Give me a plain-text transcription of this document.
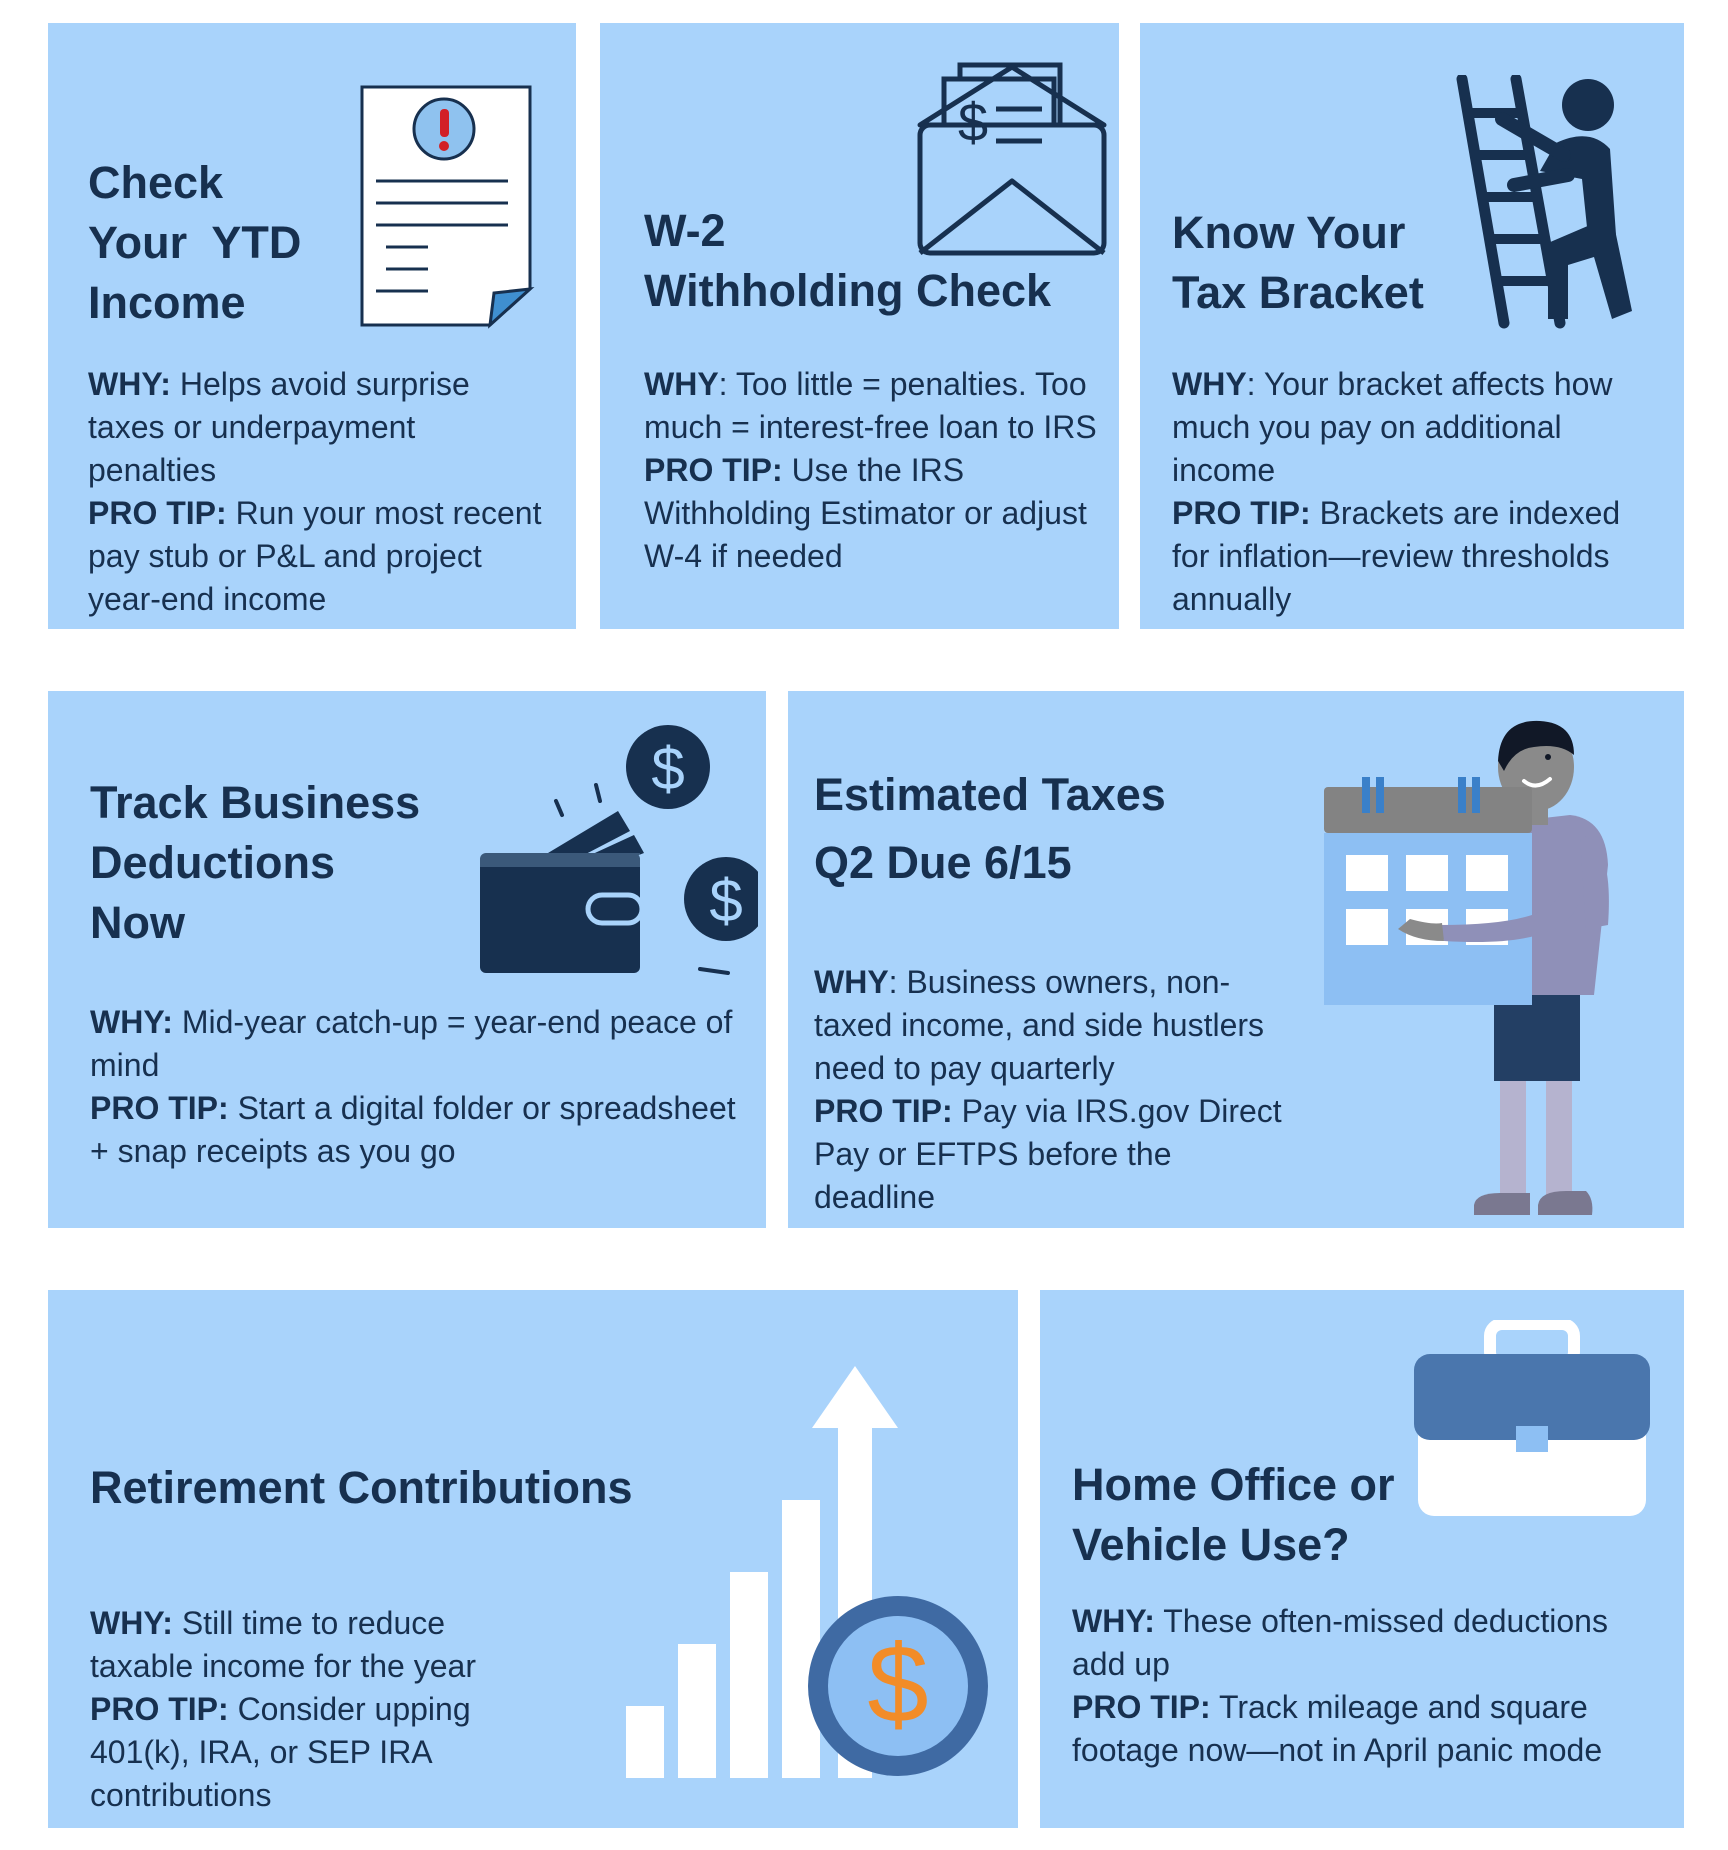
Check
Your  YTD
Income

WHY: Helps avoid surprise taxes or underpayment penalties

PRO TIP: Run your most recent pay stub or P&L and project year-end income

W-2
Withholding Check
$

WHY: Too little = penalties. Too much = interest-free loan to IRS

PRO TIP: Use the IRS Withholding Estimator or adjust W-4 if needed

Know Your
Tax Bracket

WHY: Your bracket affects how much you pay on additional income

PRO TIP: Brackets are indexed for inflation—review thresholds annually

Track Business
Deductions
Now
$
$

WHY: Mid-year catch-up = year-end peace of mind

PRO TIP: Start a digital folder or spreadsheet + snap receipts as you go

Estimated Taxes
Q2 Due 6/15

WHY: Business owners, non-taxed income, and side hustlers need to pay quarterly

PRO TIP: Pay via IRS.gov Direct Pay or EFTPS before the deadline

Retirement Contributions
$

WHY: Still time to reduce taxable income for the year

PRO TIP: Consider upping 401(k), IRA, or SEP IRA contributions

Home Office or
Vehicle Use?

WHY: These often-missed deductions add up

PRO TIP: Track mileage and square footage now—not in April panic mode
